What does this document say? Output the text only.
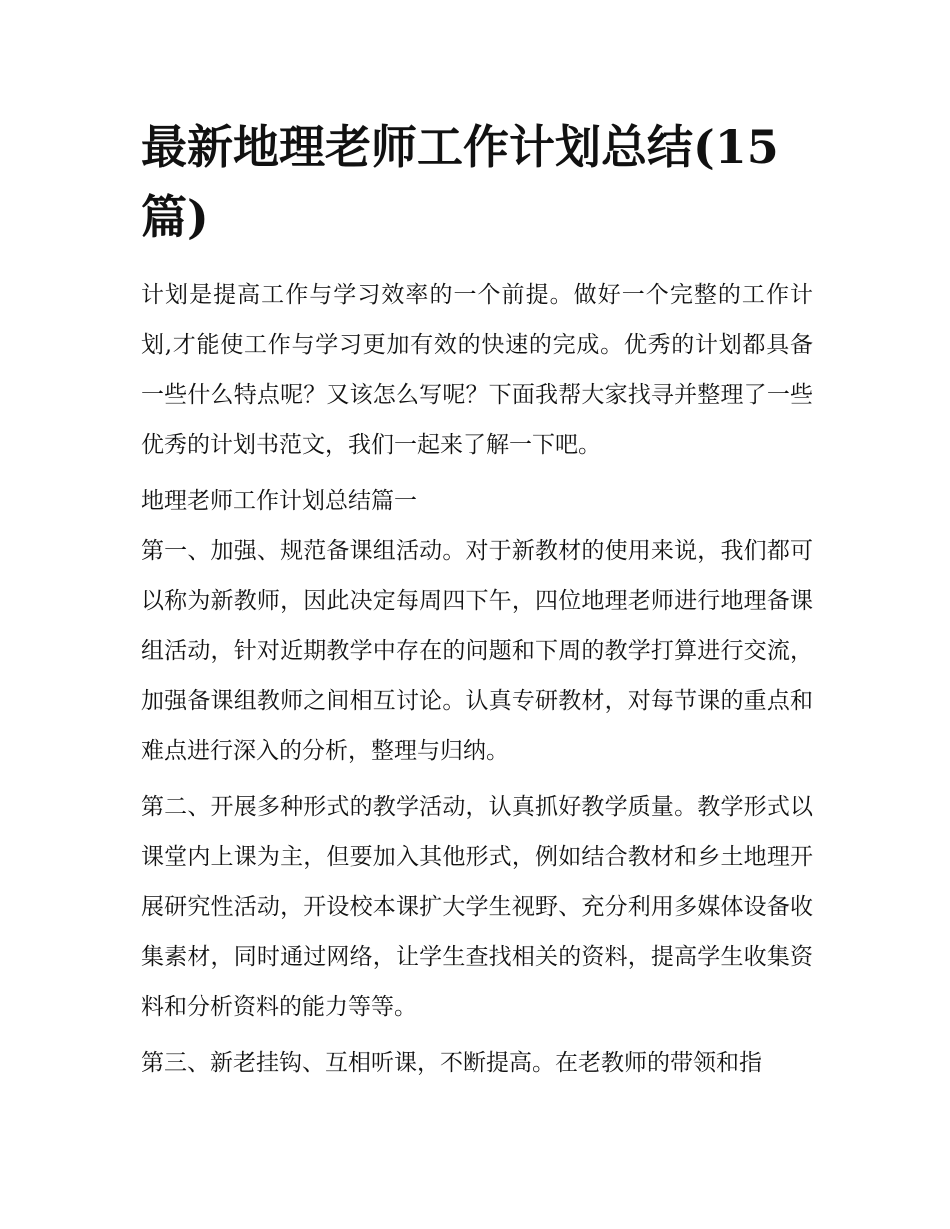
最新地理老师工作计划总结(15篇)

计划是提高工作与学习效率的一个前提。做好一个完整的工作计划,才能使工作与学习更加有效的快速的完成。优秀的计划都具备一些什么特点呢？又该怎么写呢？下面我帮大家找寻并整理了一些优秀的计划书范文，我们一起来了解一下吧。

地理老师工作计划总结篇一

第一、加强、规范备课组活动。对于新教材的使用来说，我们都可以称为新教师，因此决定每周四下午，四位地理老师进行地理备课组活动，针对近期教学中存在的问题和下周的教学打算进行交流，加强备课组教师之间相互讨论。认真专研教材，对每节课的重点和难点进行深入的分析，整理与归纳。

第二、开展多种形式的教学活动，认真抓好教学质量。教学形式以课堂内上课为主，但要加入其他形式，例如结合教材和乡土地理开展研究性活动，开设校本课扩大学生视野、充分利用多媒体设备收集素材，同时通过网络，让学生查找相关的资料，提高学生收集资料和分析资料的能力等等。

第三、新老挂钩、互相听课，不断提高。在老教师的带领和指
